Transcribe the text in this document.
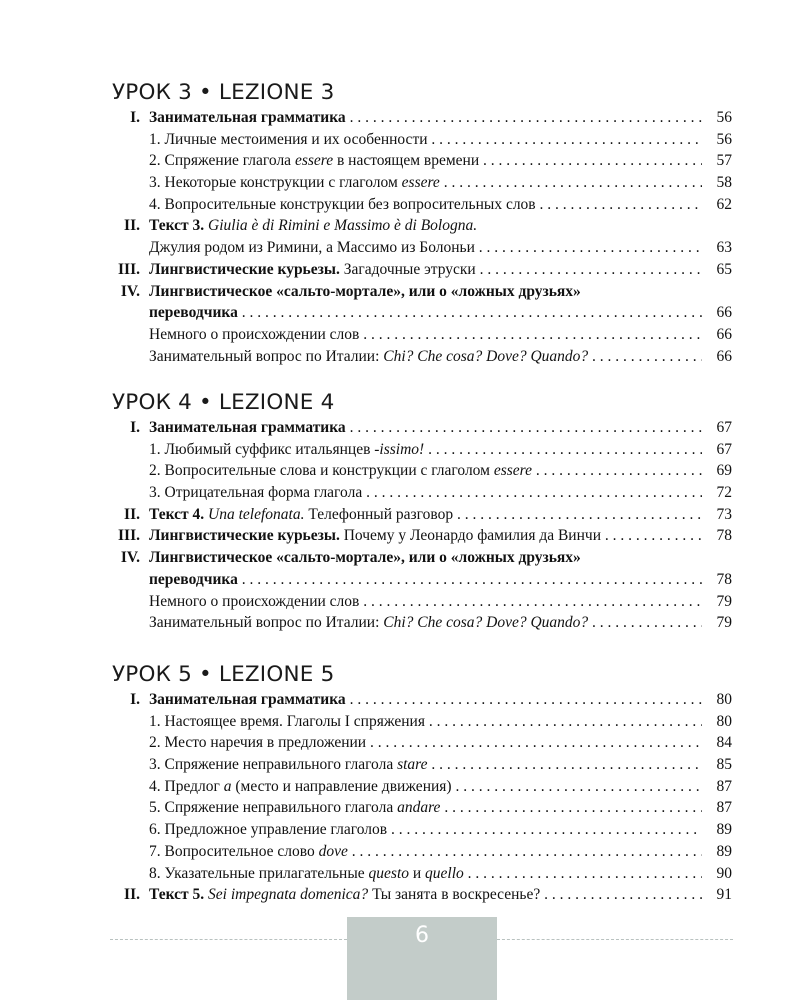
УРОК 3 • LEZIONE 3
I. Занимательная грамматика . . .	56
1. Личные местоимения и их особенности . . .	56
2. Спряжение глагола essere в настоящем времени . . .	57
3. Некоторые конструкции с глаголом essere . . .	58
4. Вопросительные конструкции без вопросительных слов . . .	62
II. Текст 3. Giulia è di Rimini e Massimo è di Bologna.
Джулия родом из Римини, а Массимо из Болоньи . . .	63
III. Лингвистические курьезы. Загадочные этруски . . .	65
IV. Лингвистическое «сальто-мортале», или о «ложных друзьях»
переводчика . . .	66
Немного о происхождении слов . . .	66
Занимательный вопрос по Италии: Chi? Che cosa? Dove? Quando? . . .	66
УРОК 4 • LEZIONE 4
I. Занимательная грамматика . . .	67
1. Любимый суффикс итальянцев -issimo! . . .	67
2. Вопросительные слова и конструкции с глаголом essere . . .	69
3. Отрицательная форма глагола . . .	72
II. Текст 4. Una telefonata. Телефонный разговор . . .	73
III. Лингвистические курьезы. Почему у Леонардо фамилия да Винчи . . .	78
IV. Лингвистическое «сальто-мортале», или о «ложных друзьях»
переводчика . . .	78
Немного о происхождении слов . . .	79
Занимательный вопрос по Италии: Chi? Che cosa? Dove? Quando? . . .	79
УРОК 5 • LEZIONE 5
I. Занимательная грамматика . . .	80
1. Настоящее время. Глаголы I спряжения . . .	80
2. Место наречия в предложении . . .	84
3. Спряжение неправильного глагола stare . . .	85
4. Предлог a (место и направление движения) . . .	87
5. Спряжение неправильного глагола andare . . .	87
6. Предложное управление глаголов . . .	89
7. Вопросительное слово dove . . .	89
8. Указательные прилагательные questo и quello . . .	90
II. Текст 5. Sei impegnata domenica? Ты занята в воскресенье? . . .	91
6
